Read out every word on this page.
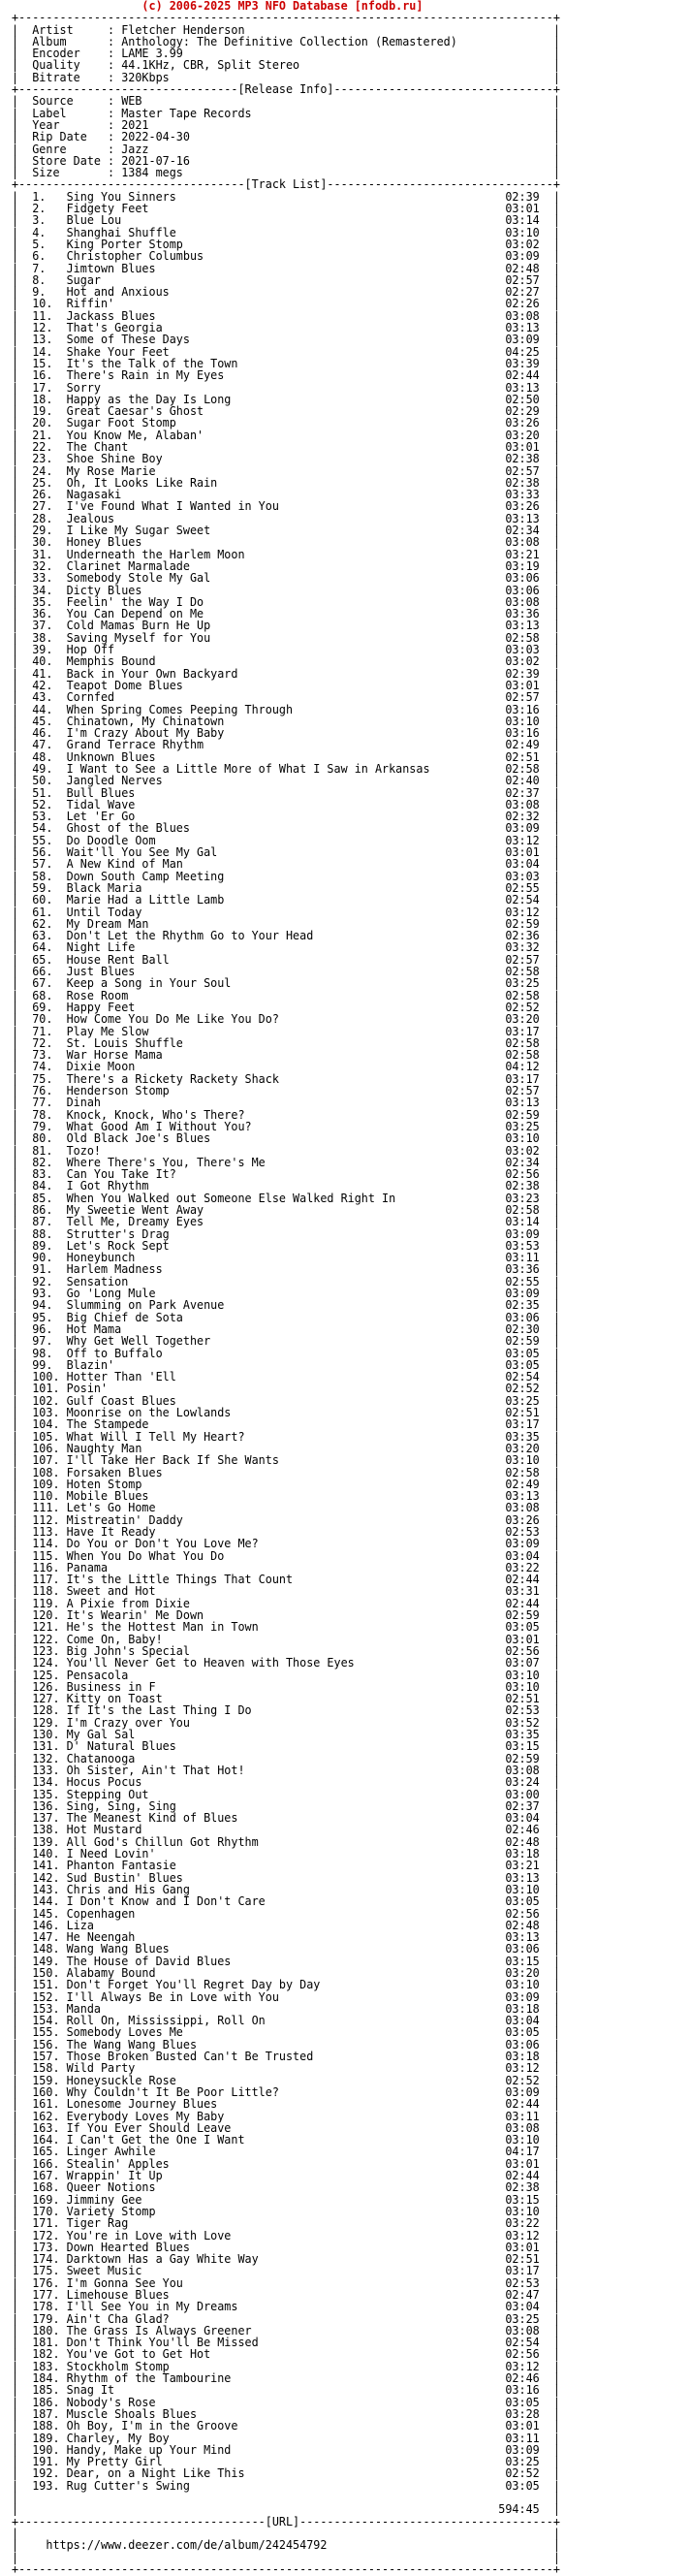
(c) 2006-2025 MP3 NFO Database [nfodb.ru]
+------------------------------------------------------------------------------+
|  Artist     : Fletcher Henderson	|
|  Album      : Anthology: The Definitive Collection (Remastered)	|
|  Encoder    : LAME 3.99	|
|  Quality    : 44.1KHz, CBR, Split Stereo	|
|  Bitrate    : 320Kbps	|
+--------------------------------[Release Info]--------------------------------+
|  Source     : WEB	|
|  Label      : Master Tape Records	|
|  Year       : 2021	|
|  Rip Date   : 2022-04-30	|
|  Genre      : Jazz	|
|  Store Date : 2021-07-16	|
|  Size       : 1384 megs	|
+---------------------------------[Track List]---------------------------------+
|  1.   Sing You Sinners	02:39  |
|  2.   Fidgety Feet	03:01  |
|  3.   Blue Lou	03:14  |
|  4.   Shanghai Shuffle	03:10  |
|  5.   King Porter Stomp	03:02  |
|  6.   Christopher Columbus	03:09  |
|  7.   Jimtown Blues	02:48  |
|  8.   Sugar	02:57  |
|  9.   Hot and Anxious	02:27  |
|  10.  Riffin'	02:26  |
|  11.  Jackass Blues	03:08  |
|  12.  That's Georgia	03:13  |
|  13.  Some of These Days	03:09  |
|  14.  Shake Your Feet	04:25  |
|  15.  It's the Talk of the Town	03:39  |
|  16.  There's Rain in My Eyes	02:44  |
|  17.  Sorry	03:13  |
|  18.  Happy as the Day Is Long	02:50  |
|  19.  Great Caesar's Ghost	02:29  |
|  20.  Sugar Foot Stomp	03:26  |
|  21.  You Know Me, Alaban'	03:20  |
|  22.  The Chant	03:01  |
|  23.  Shoe Shine Boy	02:38  |
|  24.  My Rose Marie	02:57  |
|  25.  Oh, It Looks Like Rain	02:38  |
|  26.  Nagasaki	03:33  |
|  27.  I've Found What I Wanted in You	03:26  |
|  28.  Jealous	03:13  |
|  29.  I Like My Sugar Sweet	02:34  |
|  30.  Honey Blues	03:08  |
|  31.  Underneath the Harlem Moon	03:21  |
|  32.  Clarinet Marmalade	03:19  |
|  33.  Somebody Stole My Gal	03:06  |
|  34.  Dicty Blues	03:06  |
|  35.  Feelin' the Way I Do	03:08  |
|  36.  You Can Depend on Me	03:36  |
|  37.  Cold Mamas Burn He Up	03:13  |
|  38.  Saving Myself for You	02:58  |
|  39.  Hop Off	03:03  |
|  40.  Memphis Bound	03:02  |
|  41.  Back in Your Own Backyard	02:39  |
|  42.  Teapot Dome Blues	03:01  |
|  43.  Cornfed	02:57  |
|  44.  When Spring Comes Peeping Through	03:16  |
|  45.  Chinatown, My Chinatown	03:10  |
|  46.  I'm Crazy About My Baby	03:16  |
|  47.  Grand Terrace Rhythm	02:49  |
|  48.  Unknown Blues	02:51  |
|  49.  I Want to See a Little More of What I Saw in Arkansas	02:58  |
|  50.  Jangled Nerves	02:40  |
|  51.  Bull Blues	02:37  |
|  52.  Tidal Wave	03:08  |
|  53.  Let 'Er Go	02:32  |
|  54.  Ghost of the Blues	03:09  |
|  55.  Do Doodle Oom	03:12  |
|  56.  Wait'll You See My Gal	03:01  |
|  57.  A New Kind of Man	03:04  |
|  58.  Down South Camp Meeting	03:03  |
|  59.  Black Maria	02:55  |
|  60.  Marie Had a Little Lamb	02:54  |
|  61.  Until Today	03:12  |
|  62.  My Dream Man	02:59  |
|  63.  Don't Let the Rhythm Go to Your Head	02:36  |
|  64.  Night Life	03:32  |
|  65.  House Rent Ball	02:57  |
|  66.  Just Blues	02:58  |
|  67.  Keep a Song in Your Soul	03:25  |
|  68.  Rose Room	02:58  |
|  69.  Happy Feet	02:52  |
|  70.  How Come You Do Me Like You Do?	03:20  |
|  71.  Play Me Slow	03:17  |
|  72.  St. Louis Shuffle	02:58  |
|  73.  War Horse Mama	02:58  |
|  74.  Dixie Moon	04:12  |
|  75.  There's a Rickety Rackety Shack	03:17  |
|  76.  Henderson Stomp	02:57  |
|  77.  Dinah	03:13  |
|  78.  Knock, Knock, Who's There?	02:59  |
|  79.  What Good Am I Without You?	03:25  |
|  80.  Old Black Joe's Blues	03:10  |
|  81.  Tozo!	03:02  |
|  82.  Where There's You, There's Me	02:34  |
|  83.  Can You Take It?	02:56  |
|  84.  I Got Rhythm	02:38  |
|  85.  When You Walked out Someone Else Walked Right In	03:23  |
|  86.  My Sweetie Went Away	02:58  |
|  87.  Tell Me, Dreamy Eyes	03:14  |
|  88.  Strutter's Drag	03:09  |
|  89.  Let's Rock Sept	03:53  |
|  90.  Honeybunch	03:11  |
|  91.  Harlem Madness	03:36  |
|  92.  Sensation	02:55  |
|  93.  Go 'Long Mule	03:09  |
|  94.  Slumming on Park Avenue	02:35  |
|  95.  Big Chief de Sota	03:06  |
|  96.  Hot Mama	02:30  |
|  97.  Why Get Well Together	02:59  |
|  98.  Off to Buffalo	03:05  |
|  99.  Blazin'	03:05  |
|  100. Hotter Than 'Ell	02:54  |
|  101. Posin'	02:52  |
|  102. Gulf Coast Blues	03:25  |
|  103. Moonrise on the Lowlands	02:51  |
|  104. The Stampede	03:17  |
|  105. What Will I Tell My Heart?	03:35  |
|  106. Naughty Man	03:20  |
|  107. I'll Take Her Back If She Wants	03:10  |
|  108. Forsaken Blues	02:58  |
|  109. Hoten Stomp	02:49  |
|  110. Mobile Blues	03:13  |
|  111. Let's Go Home	03:08  |
|  112. Mistreatin' Daddy	03:26  |
|  113. Have It Ready	02:53  |
|  114. Do You or Don't You Love Me?	03:09  |
|  115. When You Do What You Do	03:04  |
|  116. Panama	03:22  |
|  117. It's the Little Things That Count	02:44  |
|  118. Sweet and Hot	03:31  |
|  119. A Pixie from Dixie	02:44  |
|  120. It's Wearin' Me Down	02:59  |
|  121. He's the Hottest Man in Town	03:05  |
|  122. Come On, Baby!	03:01  |
|  123. Big John's Special	02:56  |
|  124. You'll Never Get to Heaven with Those Eyes	03:07  |
|  125. Pensacola	03:10  |
|  126. Business in F	03:10  |
|  127. Kitty on Toast	02:51  |
|  128. If It's the Last Thing I Do	02:53  |
|  129. I'm Crazy over You	03:52  |
|  130. My Gal Sal	03:35  |
|  131. D' Natural Blues	03:15  |
|  132. Chatanooga	02:59  |
|  133. Oh Sister, Ain't That Hot!	03:08  |
|  134. Hocus Pocus	03:24  |
|  135. Stepping Out	03:00  |
|  136. Sing, Sing, Sing	02:37  |
|  137. The Meanest Kind of Blues	03:04  |
|  138. Hot Mustard	02:46  |
|  139. All God's Chillun Got Rhythm	02:48  |
|  140. I Need Lovin'	03:18  |
|  141. Phanton Fantasie	03:21  |
|  142. Sud Bustin' Blues	03:13  |
|  143. Chris and His Gang	03:10  |
|  144. I Don't Know and I Don't Care	03:05  |
|  145. Copenhagen	02:56  |
|  146. Liza	02:48  |
|  147. He Neengah	03:13  |
|  148. Wang Wang Blues	03:06  |
|  149. The House of David Blues	03:15  |
|  150. Alabamy Bound	03:20  |
|  151. Don't Forget You'll Regret Day by Day	03:10  |
|  152. I'll Always Be in Love with You	03:09  |
|  153. Manda	03:18  |
|  154. Roll On, Mississippi, Roll On	03:04  |
|  155. Somebody Loves Me	03:05  |
|  156. The Wang Wang Blues	03:06  |
|  157. Those Broken Busted Can't Be Trusted	03:18  |
|  158. Wild Party	03:12  |
|  159. Honeysuckle Rose	02:52  |
|  160. Why Couldn't It Be Poor Little?	03:09  |
|  161. Lonesome Journey Blues	02:44  |
|  162. Everybody Loves My Baby	03:11  |
|  163. If You Ever Should Leave	03:08  |
|  164. I Can't Get the One I Want	03:10  |
|  165. Linger Awhile	04:17  |
|  166. Stealin' Apples	03:01  |
|  167. Wrappin' It Up	02:44  |
|  168. Queer Notions	02:38  |
|  169. Jimminy Gee	03:15  |
|  170. Variety Stomp	03:10  |
|  171. Tiger Rag	03:22  |
|  172. You're in Love with Love	03:12  |
|  173. Down Hearted Blues	03:01  |
|  174. Darktown Has a Gay White Way	02:51  |
|  175. Sweet Music	03:17  |
|  176. I'm Gonna See You	02:53  |
|  177. Limehouse Blues	02:47  |
|  178. I'll See You in My Dreams	03:04  |
|  179. Ain't Cha Glad?	03:25  |
|  180. The Grass Is Always Greener	03:08  |
|  181. Don't Think You'll Be Missed	02:54  |
|  182. You've Got to Get Hot	02:56  |
|  183. Stockholm Stomp	03:12  |
|  184. Rhythm of the Tambourine	02:46  |
|  185. Snag It	03:16  |
|  186. Nobody's Rose	03:05  |
|  187. Muscle Shoals Blues	03:28  |
|  188. Oh Boy, I'm in the Groove	03:01  |
|  189. Charley, My Boy	03:11  |
|  190. Handy, Make up Your Mind	03:09  |
|  191. My Pretty Girl	03:25  |
|  192. Dear, on a Night Like This	02:52  |
|  193. Rug Cutter's Swing	03:05  |
|                                                                              |
|	594:45  |
+------------------------------------[URL]-------------------------------------+
|                                                                              |
|    https://www.deezer.com/de/album/242454792	|
|                                                                              |
+------------------------------------------------------------------------------+
